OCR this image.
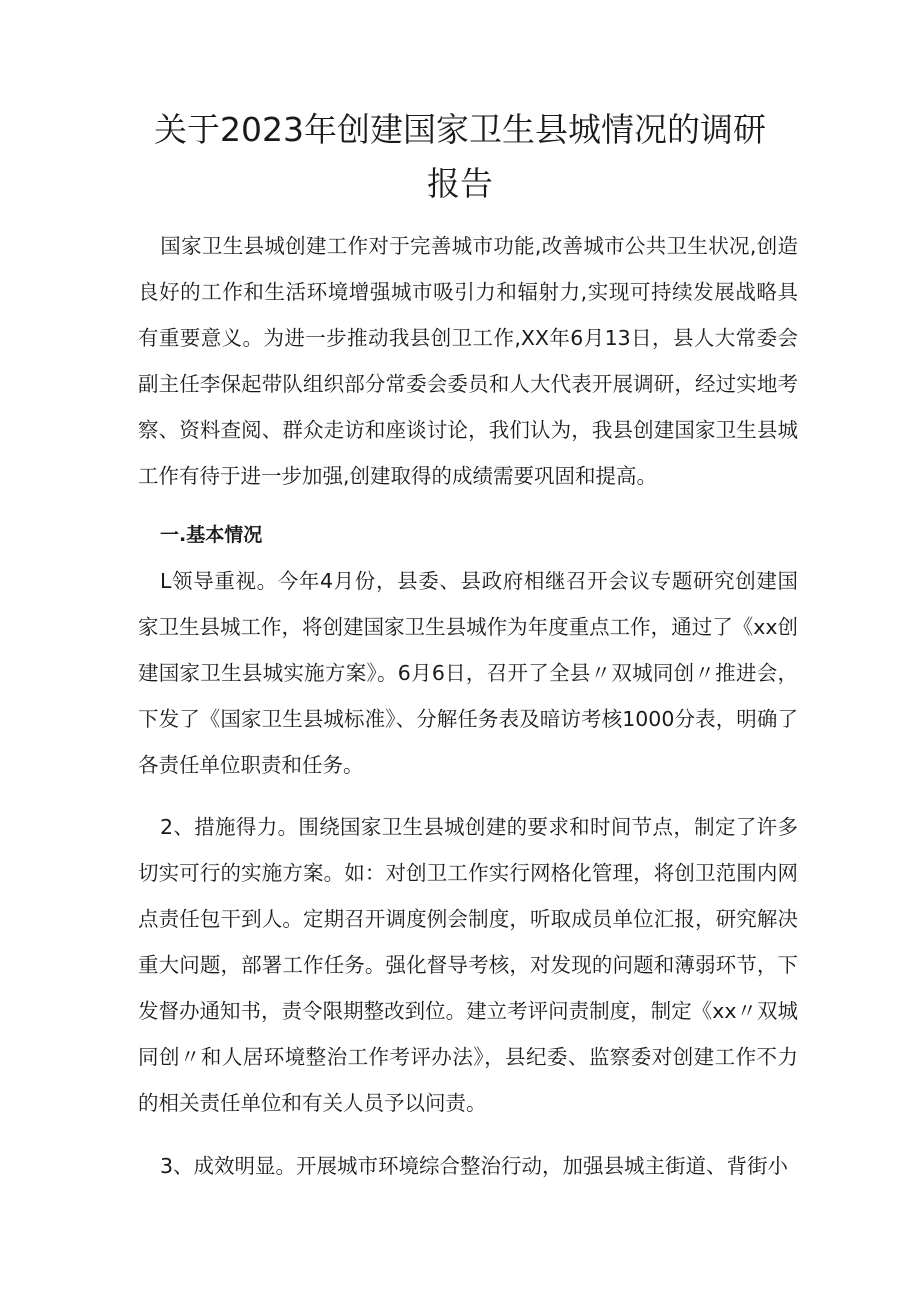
关于2023年创建国家卫生县城情况的调研
报告

国家卫生县城创建工作对于完善城市功能,改善城市公共卫生状况,创造良好的工作和生活环境增强城市吸引力和辐射力,实现可持续发展战略具有重要意义。为进一步推动我县创卫工作,XX年6月13日，县人大常委会副主任李保起带队组织部分常委会委员和人大代表开展调研，经过实地考察、资料查阅、群众走访和座谈讨论，我们认为，我县创建国家卫生县城工作有待于进一步加强,创建取得的成绩需要巩固和提高。

一.基本情况

L领导重视。今年4月份，县委、县政府相继召开会议专题研究创建国家卫生县城工作，将创建国家卫生县城作为年度重点工作，通过了《xx创建国家卫生县城实施方案》。6月6日，召开了全县〃双城同创〃推进会，下发了《国家卫生县城标准》、分解任务表及暗访考核1000分表，明确了各责任单位职责和任务。

2、措施得力。围绕国家卫生县城创建的要求和时间节点，制定了许多切实可行的实施方案。如：对创卫工作实行网格化管理，将创卫范围内网点责任包干到人。定期召开调度例会制度，听取成员单位汇报，研究解决重大问题，部署工作任务。强化督导考核，对发现的问题和薄弱环节，下发督办通知书，责令限期整改到位。建立考评问责制度，制定《xx〃双城同创〃和人居环境整治工作考评办法》，县纪委、监察委对创建工作不力的相关责任单位和有关人员予以问责。

3、成效明显。开展城市环境综合整治行动，加强县城主街道、背街小
